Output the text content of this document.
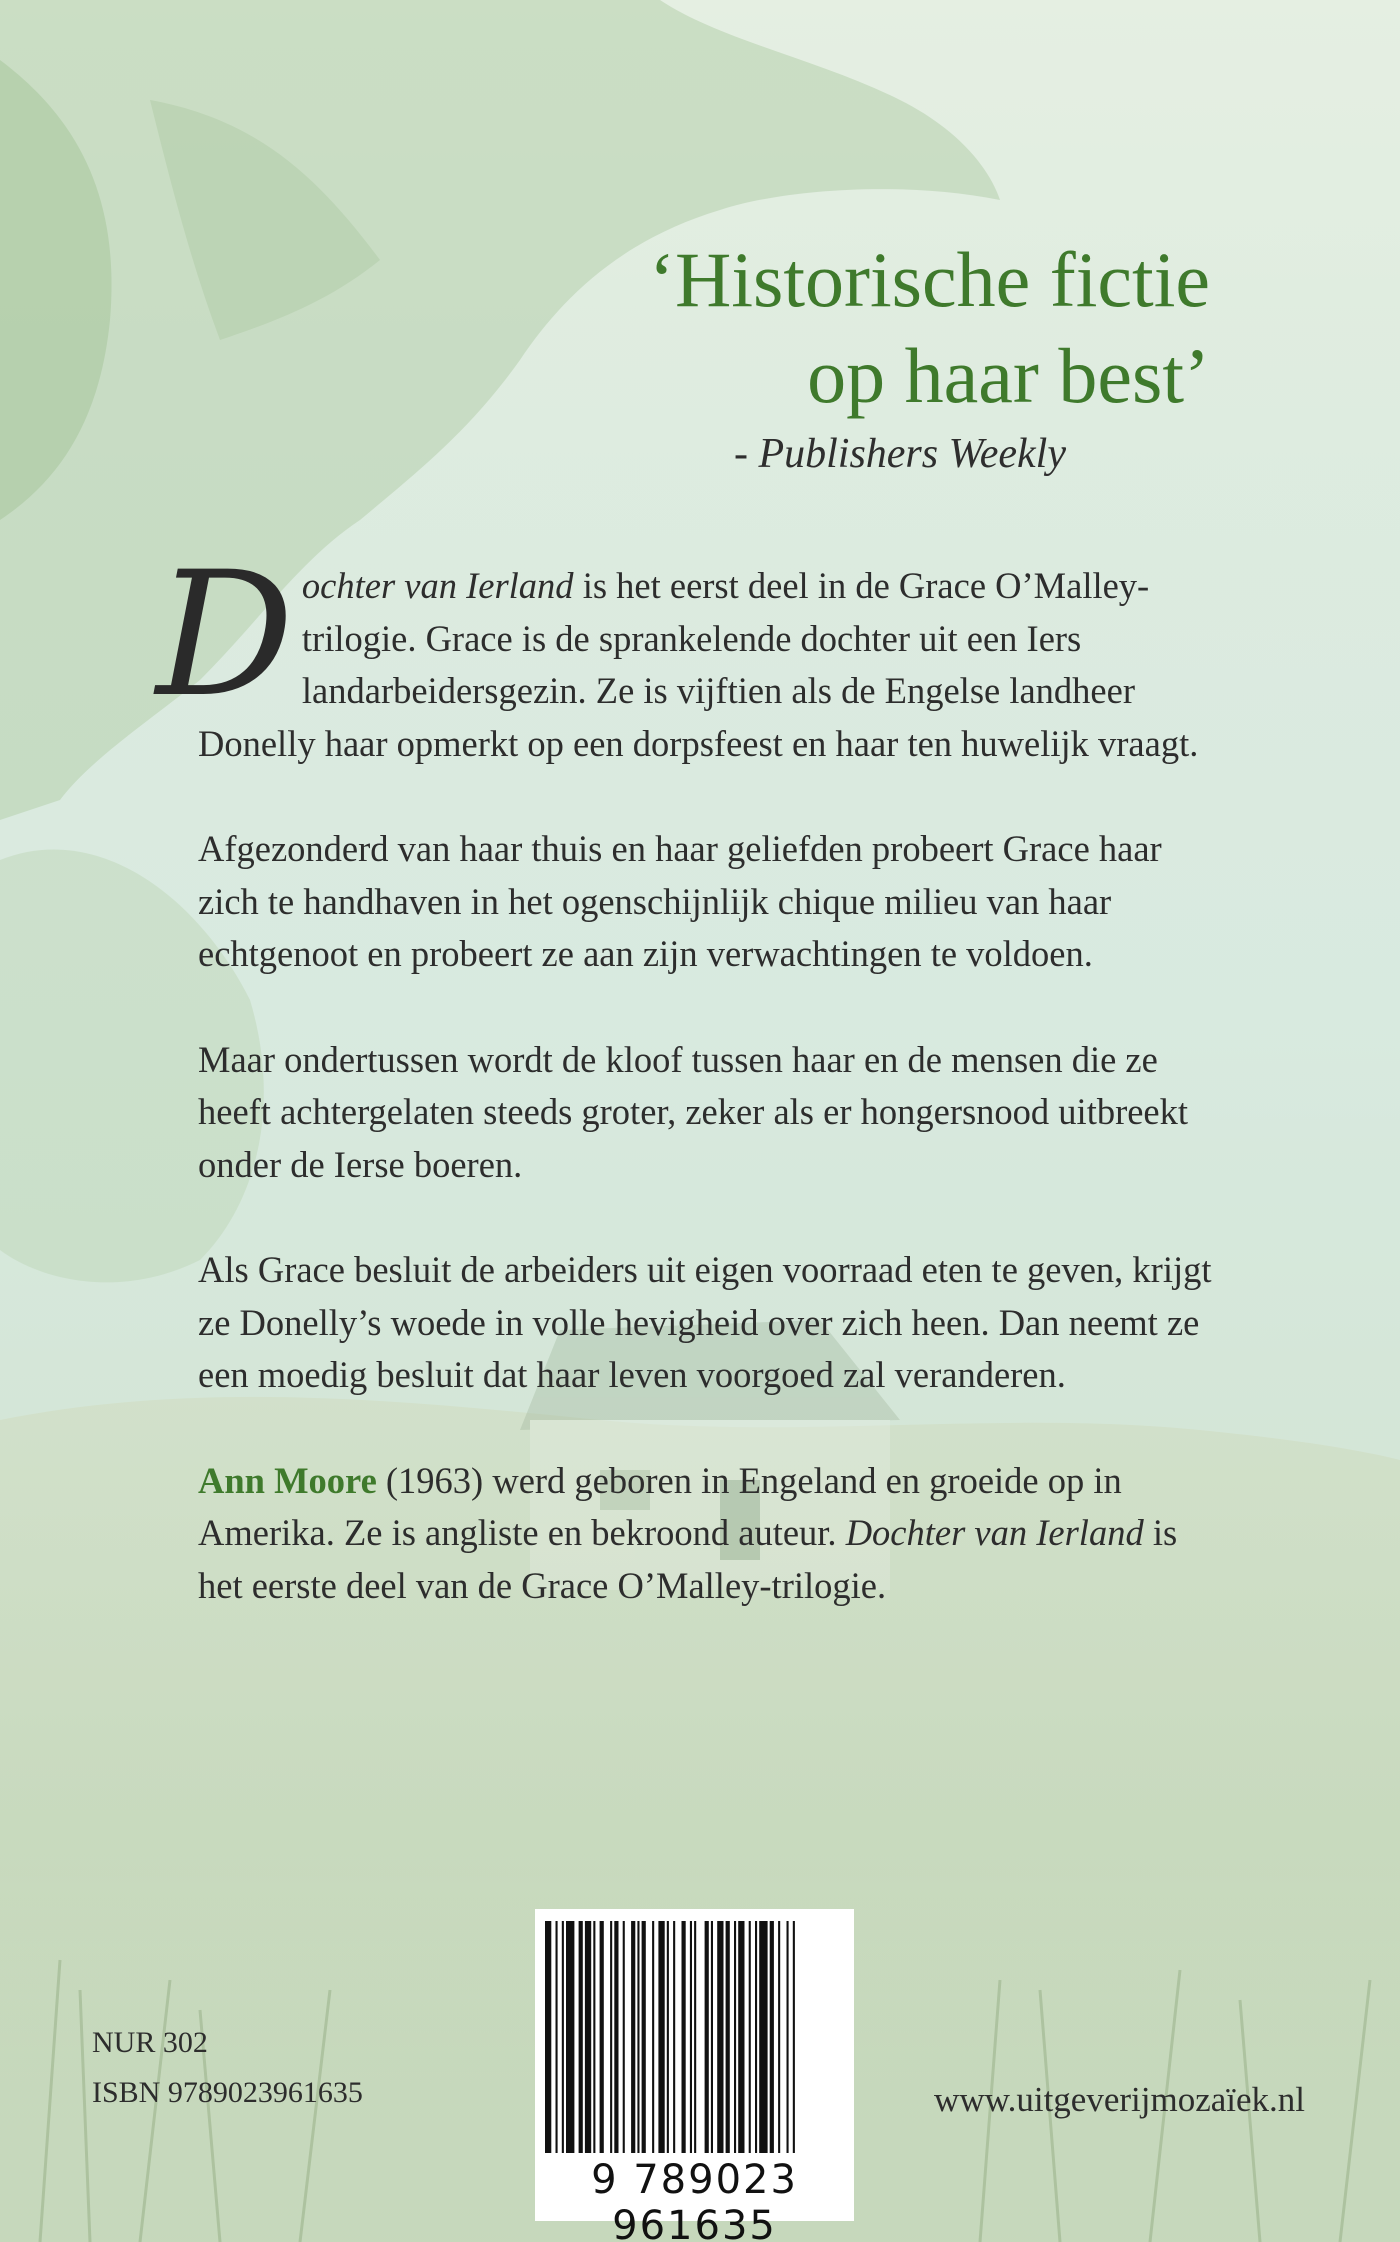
‘Historische fictie
op haar best’
- Publishers Weekly

Dochter van Ierland is het eerst deel in de Grace O’Malley-trilogie. Grace is de sprankelende dochter uit een Iers landarbeidersgezin. Ze is vijftien als de Engelse landheer Donelly haar opmerkt op een dorpsfeest en haar ten huwelijk vraagt.

Afgezonderd van haar thuis en haar geliefden probeert Grace haar zich te handhaven in het ogenschijnlijk chique milieu van haar echtgenoot en probeert ze aan zijn verwachtingen te voldoen.

Maar ondertussen wordt de kloof tussen haar en de mensen die ze heeft achtergelaten steeds groter, zeker als er hongersnood uitbreekt onder de Ierse boeren.

Als Grace besluit de arbeiders uit eigen voorraad eten te geven, krijgt ze Donelly’s woede in volle hevigheid over zich heen. Dan neemt ze een moedig besluit dat haar leven voorgoed zal veranderen.

Ann Moore (1963) werd geboren in Engeland en groeide op in Amerika. Ze is angliste en bekroond auteur. Dochter van Ierland is het eerste deel van de Grace O’Malley-trilogie.

9 789023 961635
NUR 302
ISBN 9789023961635	www.uitgeverijmozaïek.nl
